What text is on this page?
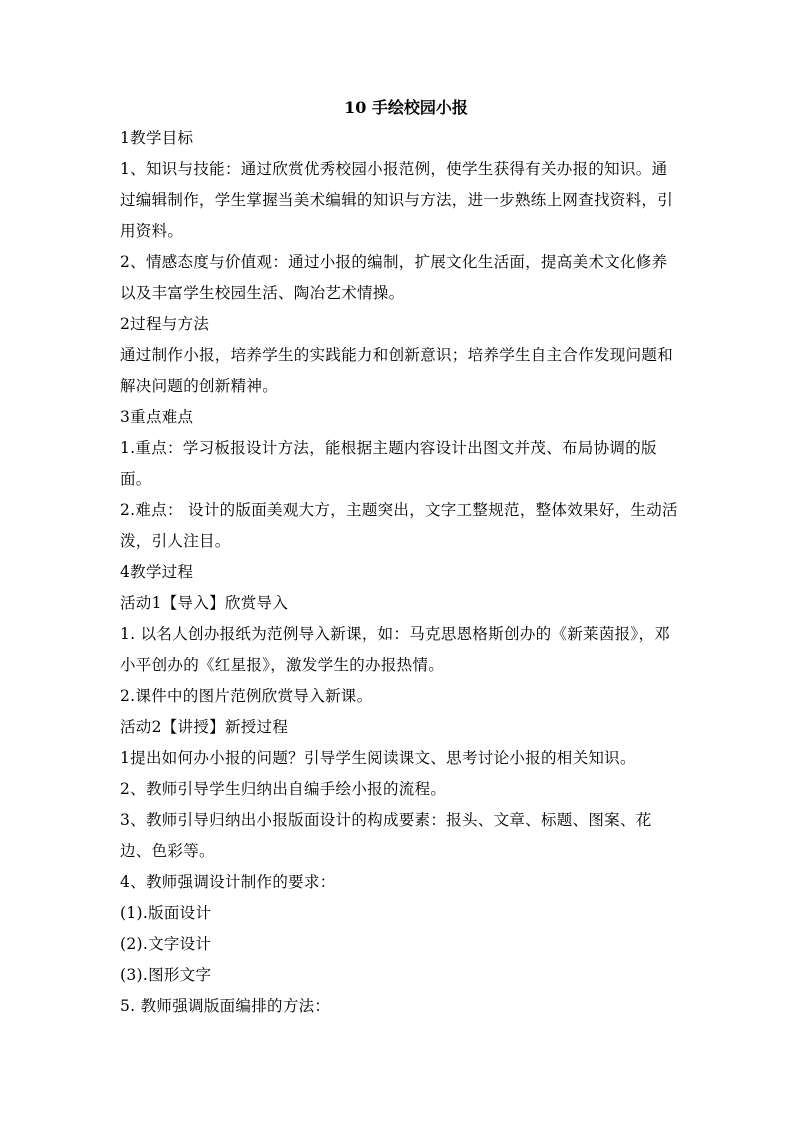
10 手绘校园小报

1教学目标

1、知识与技能：通过欣赏优秀校园小报范例，使学生获得有关办报的知识。通过编辑制作，学生掌握当美术编辑的知识与方法，进一步熟练上网查找资料，引用资料。

2、情感态度与价值观：通过小报的编制，扩展文化生活面，提高美术文化修养以及丰富学生校园生活、陶冶艺术情操。

2过程与方法

通过制作小报，培养学生的实践能力和创新意识；培养学生自主合作发现问题和解决问题的创新精神。

3重点难点

1.重点：学习板报设计方法，能根据主题内容设计出图文并茂、布局协调的版面。

2.难点： 设计的版面美观大方，主题突出，文字工整规范，整体效果好，生动活泼，引人注目。

4教学过程

活动1【导入】欣赏导入

1. 以名人创办报纸为范例导入新课，如：马克思恩格斯创办的《新莱茵报》，邓小平创办的《红星报》，激发学生的办报热情。

2.课件中的图片范例欣赏导入新课。

活动2【讲授】新授过程

1提出如何办小报的问题？引导学生阅读课文、思考讨论小报的相关知识。

2、教师引导学生归纳出自编手绘小报的流程。

3、教师引导归纳出小报版面设计的构成要素：报头、文章、标题、图案、花边、色彩等。

4、教师强调设计制作的要求：

(1).版面设计

(2).文字设计

(3).图形文字

5. 教师强调版面编排的方法：
